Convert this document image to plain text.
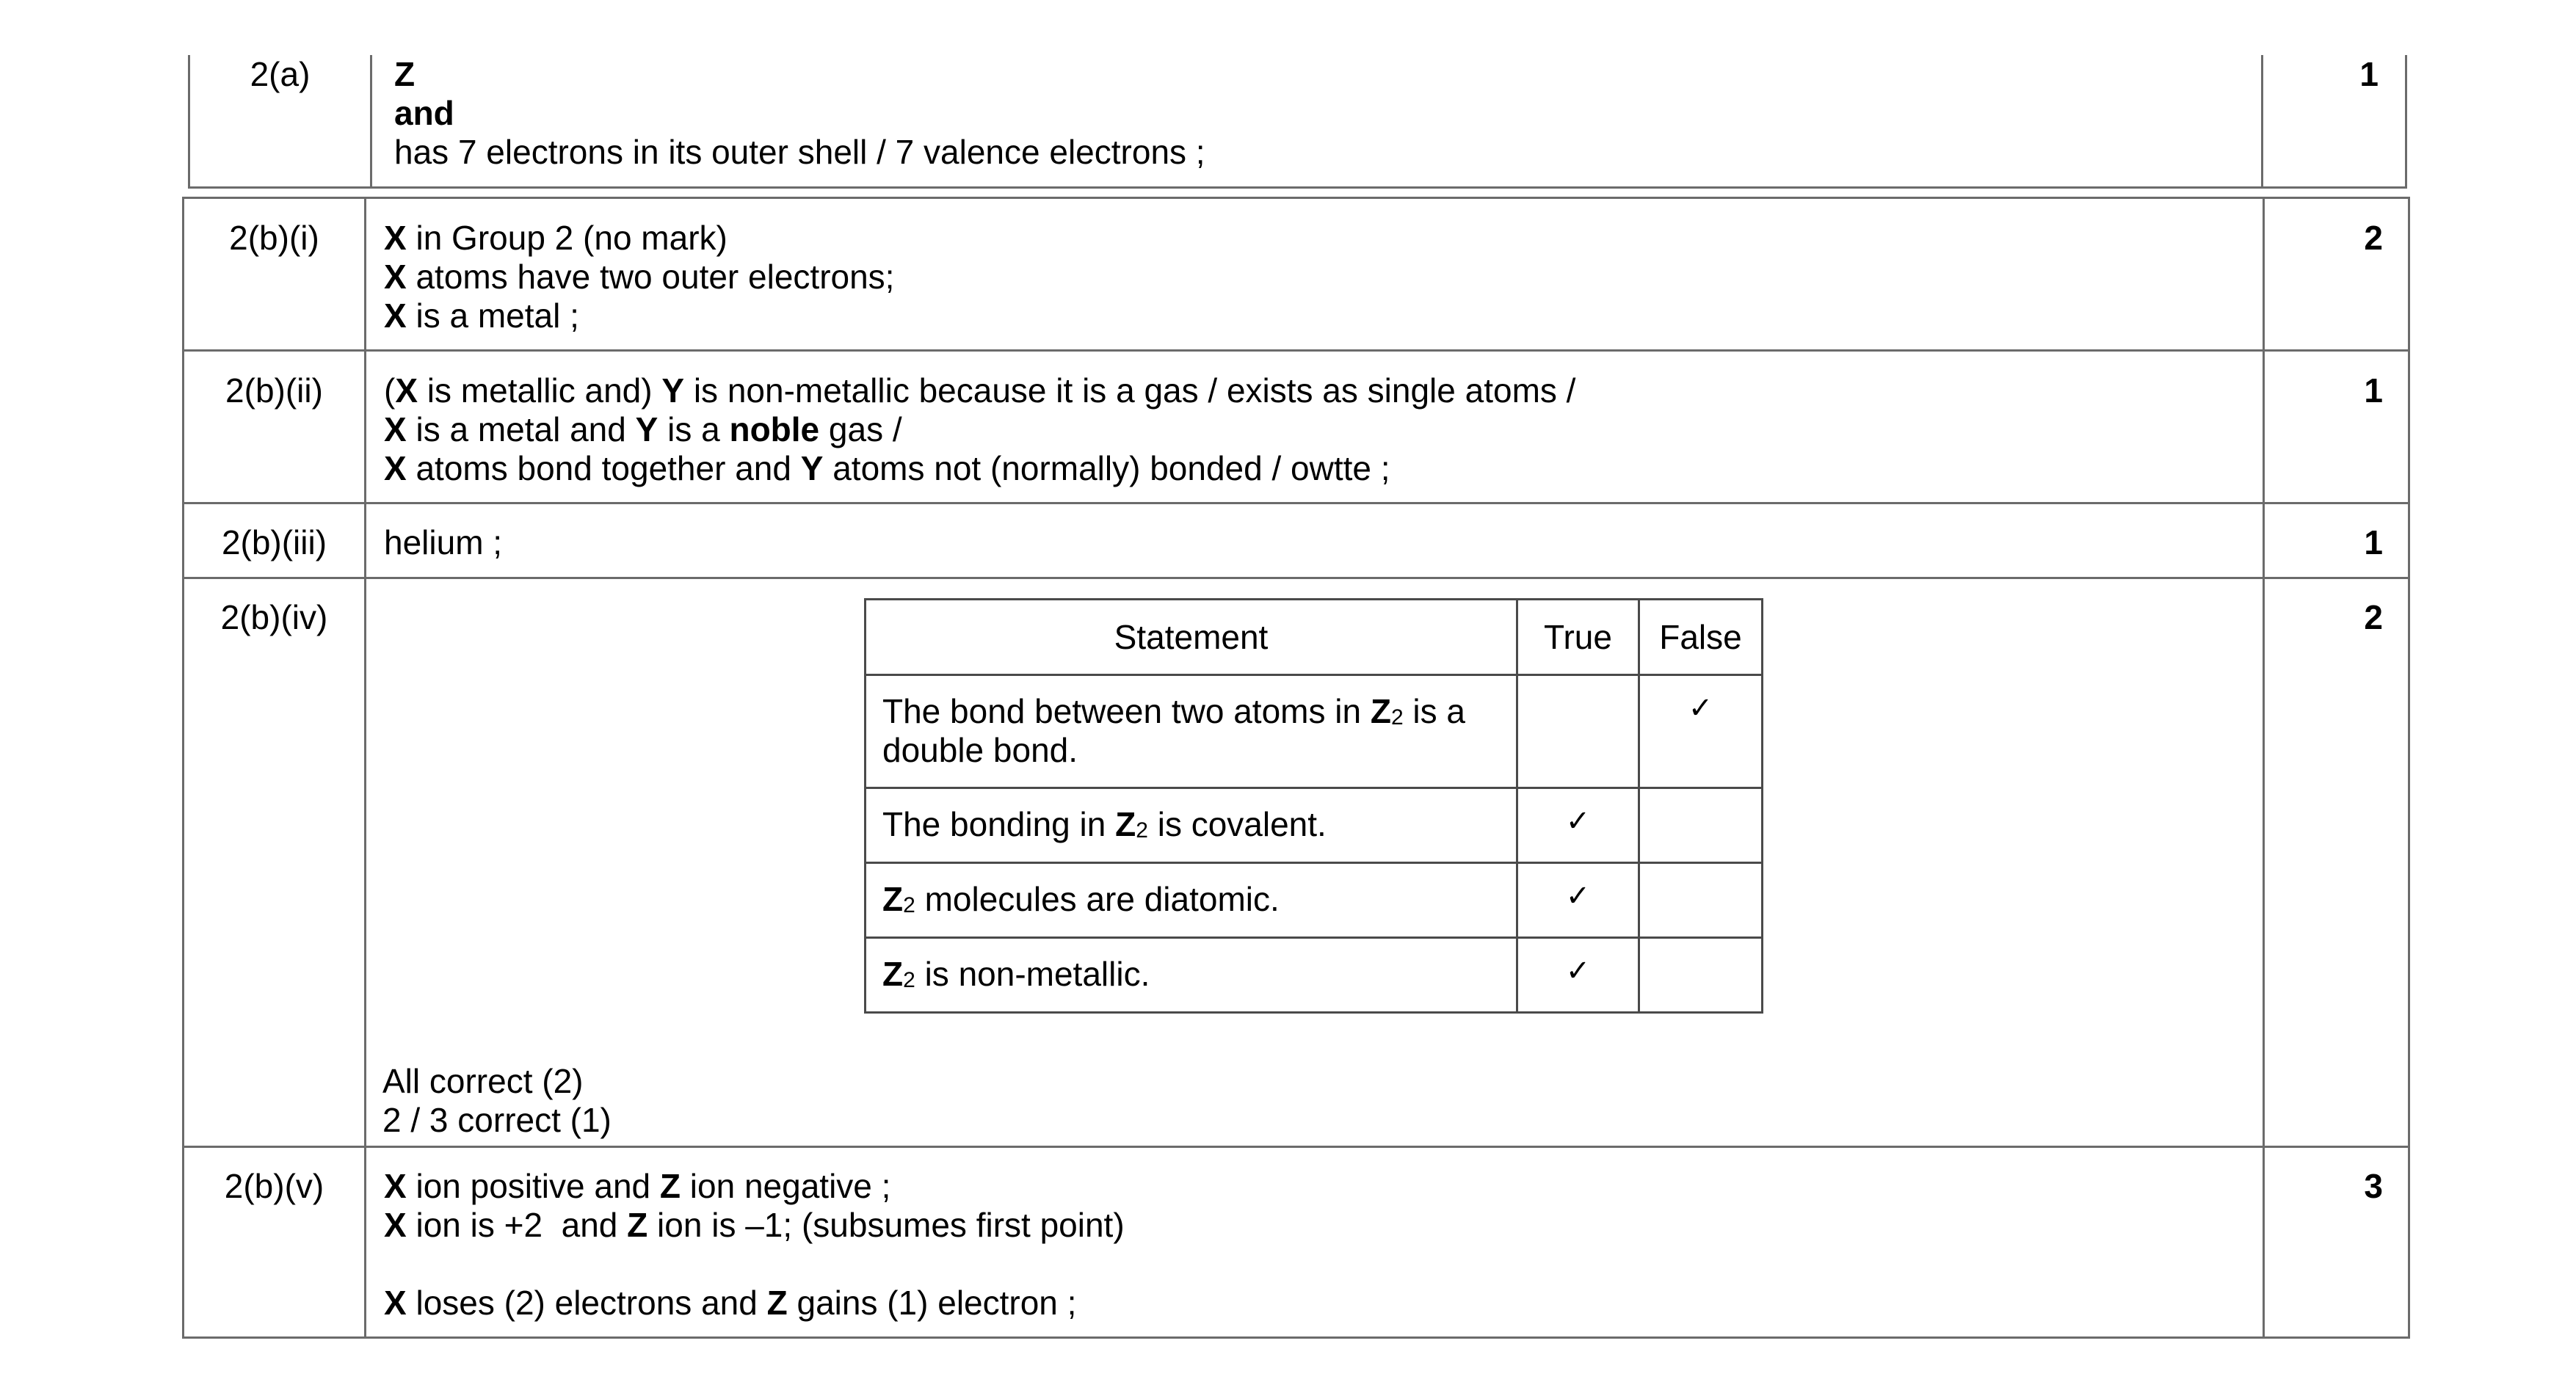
2(a)	Z
and
has 7 electrons in its outer shell / 7 valence electrons ;
	1
2(b)(i)	X in Group 2 (no mark)
X atoms have two outer electrons;
X is a metal ;
	2
2(b)(ii)	(X is metallic and) Y is non-metallic because it is a gas / exists as single atoms /
X is a metal and Y is a noble gas /
X atoms bond together and Y atoms not (normally) bonded / owtte ;
	1
2(b)(iii)	helium ;	1
2(b)(iv)	
Statement	True	False
The bond between two atoms in $Z_2$ is a double bond.		✓
The bonding in $Z_2$ is covalent.	✓	
$Z_2$ molecules are diatomic.	✓	
$Z_2$ is non-metallic.	✓	
All correct (2)
2 / 3 correct (1)
	2
2(b)(v)	X ion positive and Z ion negative ;
X ion is +2  and Z ion is –1; (subsumes first point)
X loses (2) electrons and Z gains (1) electron ;
	3
